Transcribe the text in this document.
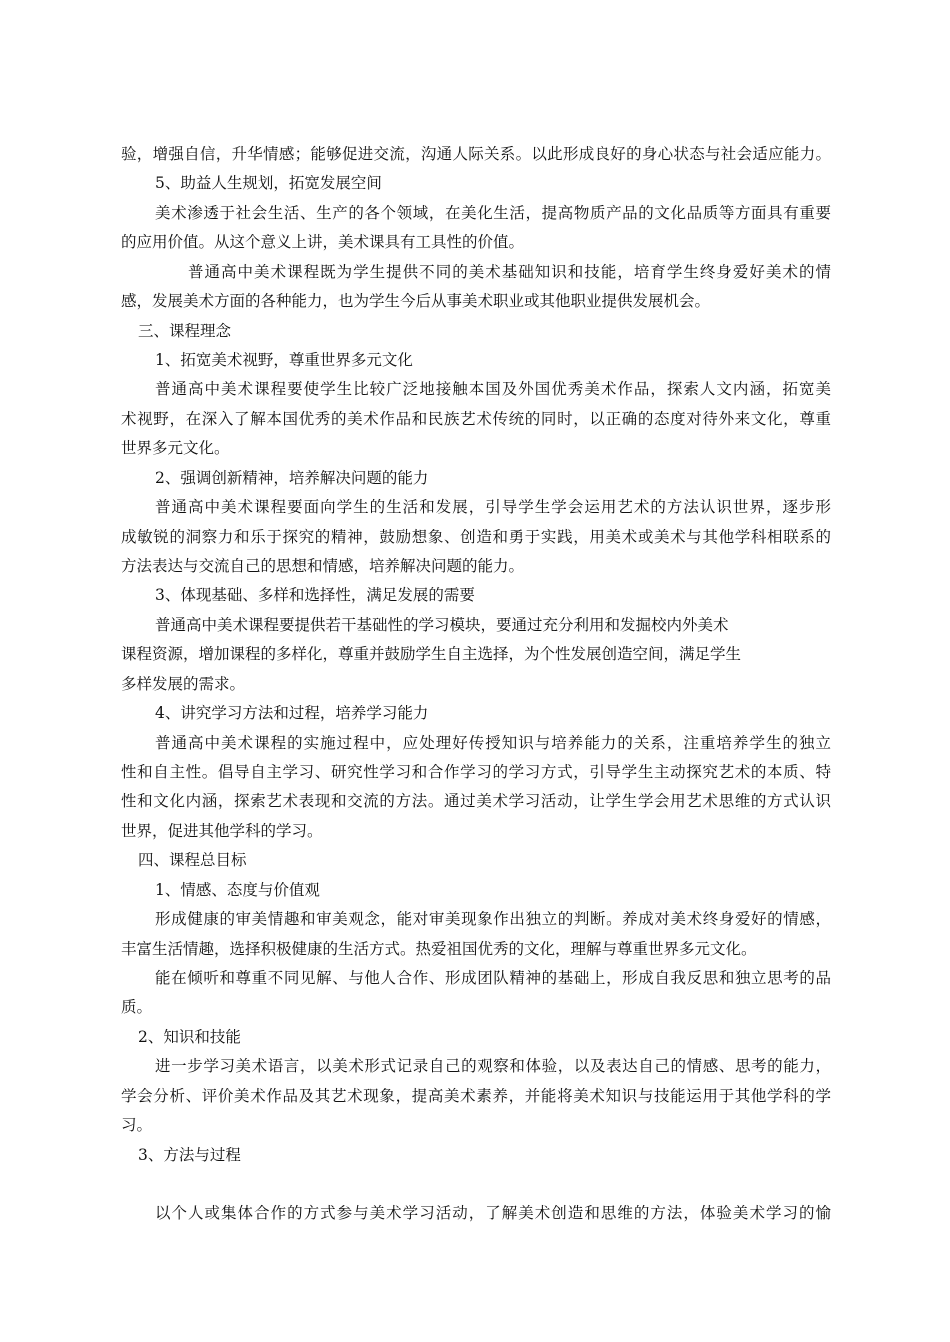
验，增强自信，升华情感；能够促进交流，沟通人际关系。以此形成良好的身心状态与社会适应能力。
5、助益人生规划，拓宽发展空间
美术渗透于社会生活、生产的各个领域，在美化生活，提高物质产品的文化品质等方面具有重要
的应用价值。从这个意义上讲，美术课具有工具性的价值。
普通高中美术课程既为学生提供不同的美术基础知识和技能，培育学生终身爱好美术的情
感，发展美术方面的各种能力，也为学生今后从事美术职业或其他职业提供发展机会。
三、课程理念
1、拓宽美术视野，尊重世界多元文化
普通高中美术课程要使学生比较广泛地接触本国及外国优秀美术作品，探索人文内涵，拓宽美
术视野，在深入了解本国优秀的美术作品和民族艺术传统的同时，以正确的态度对待外来文化，尊重
世界多元文化。
2、强调创新精神，培养解决问题的能力
普通高中美术课程要面向学生的生活和发展，引导学生学会运用艺术的方法认识世界，逐步形
成敏锐的洞察力和乐于探究的精神，鼓励想象、创造和勇于实践，用美术或美术与其他学科相联系的
方法表达与交流自己的思想和情感，培养解决问题的能力。
3、体现基础、多样和选择性，满足发展的需要
普通高中美术课程要提供若干基础性的学习模块，要通过充分利用和发掘校内外美术
课程资源，增加课程的多样化，尊重并鼓励学生自主选择，为个性发展创造空间，满足学生
多样发展的需求。
4、讲究学习方法和过程，培养学习能力
普通高中美术课程的实施过程中，应处理好传授知识与培养能力的关系，注重培养学生的独立
性和自主性。倡导自主学习、研究性学习和合作学习的学习方式，引导学生主动探究艺术的本质、特
性和文化内涵，探索艺术表现和交流的方法。通过美术学习活动，让学生学会用艺术思维的方式认识
世界，促进其他学科的学习。
四、课程总目标
1、情感、态度与价值观
形成健康的审美情趣和审美观念，能对审美现象作出独立的判断。养成对美术终身爱好的情感，
丰富生活情趣，选择积极健康的生活方式。热爱祖国优秀的文化，理解与尊重世界多元文化。
能在倾听和尊重不同见解、与他人合作、形成团队精神的基础上，形成自我反思和独立思考的品
质。
2、知识和技能
进一步学习美术语言，以美术形式记录自己的观察和体验，以及表达自己的情感、思考的能力，
学会分析、评价美术作品及其艺术现象，提高美术素养，并能将美术知识与技能运用于其他学科的学
习。
3、方法与过程
以个人或集体合作的方式参与美术学习活动，了解美术创造和思维的方法，体验美术学习的愉
